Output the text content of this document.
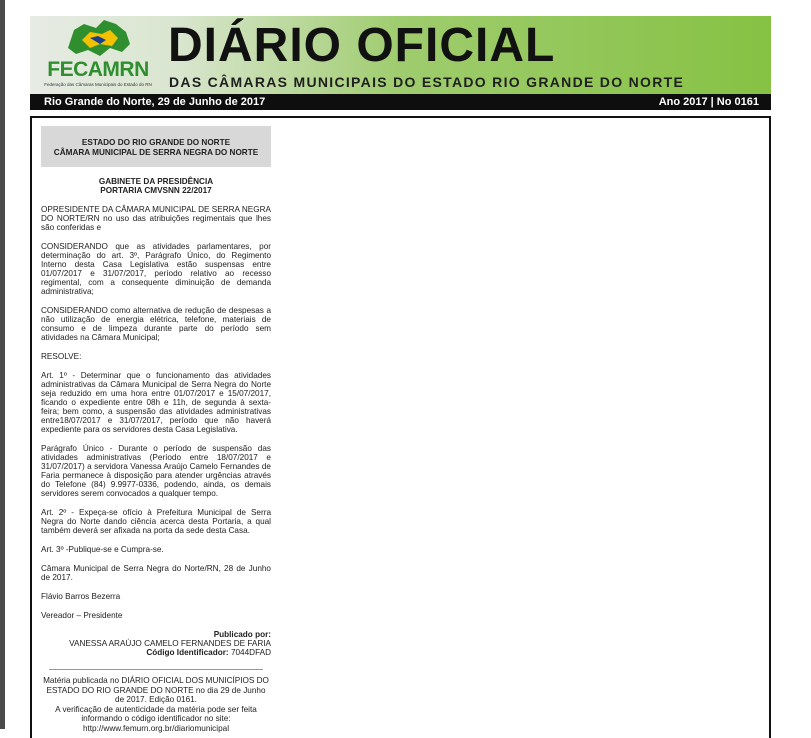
FECAMRN
Federação das Câmaras Municipais do Estado do RN
DIÁRIO OFICIAL
DAS CÂMARAS MUNICIPAIS DO ESTADO RIO GRANDE DO NORTE
Rio Grande do Norte, 29 de Junho de 2017	Ano 2017 | No 0161
ESTADO DO RIO GRANDE DO NORTE
CÂMARA MUNICIPAL DE SERRA NEGRA DO NORTE
GABINETE DA PRESIDÊNCIA
PORTARIA CMVSNN 22/2017

OPRESIDENTE DA CÂMARA MUNICIPAL DE SERRA NEGRA DO NORTE/RN no uso das atribuições regimentais que lhes são conferidas e

CONSIDERANDO que as atividades parlamentares, por determinação do art. 3º, Parágrafo Único, do Regimento Interno desta Casa Legislativa estão suspensas entre 01/07/2017 e 31/07/2017, período relativo ao recesso regimental, com a consequente diminuição de demanda administrativa;

CONSIDERANDO como alternativa de redução de despesas a não utilização de energia elétrica, telefone, materiais de consumo e de limpeza durante parte do período sem atividades na Câmara Municipal;

RESOLVE:

Art. 1º - Determinar que o funcionamento das atividades administrativas da Câmara Municipal de Serra Negra do Norte seja reduzido em uma hora entre 01/07/2017 e 15/07/2017, ficando o expediente entre 08h e 11h, de segunda à sexta-feira; bem como, a suspensão das atividades administrativas entre18/07/2017 e 31/07/2017, período que não haverá expediente para os servidores desta Casa Legislativa.

Parágrafo Único - Durante o período de suspensão das atividades administrativas (Período entre 18/07/2017 e 31/07/2017) a servidora Vanessa Araújo Camelo Fernandes de Faria permanece à disposição para atender urgências através do Telefone (84) 9.9977-0336, podendo, ainda, os demais servidores serem convocados a qualquer tempo.

Art. 2º - Expeça-se ofício à Prefeitura Municipal de Serra Negra do Norte dando ciência acerca desta Portaria, a qual também deverá ser afixada na porta da sede desta Casa.

Art. 3º -Publique-se e Cumpra-se.

Câmara Municipal de Serra Negra do Norte/RN, 28 de Junho de 2017.

Flávio Barros Bezerra

Vereador – Presidente

Publicado por:
VANESSA ARAÚJO CAMELO FERNANDES DE FARIA
Código Identificador: 7044DFAD
Matéria publicada no DIÁRIO OFICIAL DOS MUNICÍPIOS DO ESTADO DO RIO GRANDE DO NORTE no dia 29 de Junho de 2017. Edição 0161.
A verificação de autenticidade da matéria pode ser feita informando o código identificador no site:
http://www.femurn.org.br/diariomunicipal
